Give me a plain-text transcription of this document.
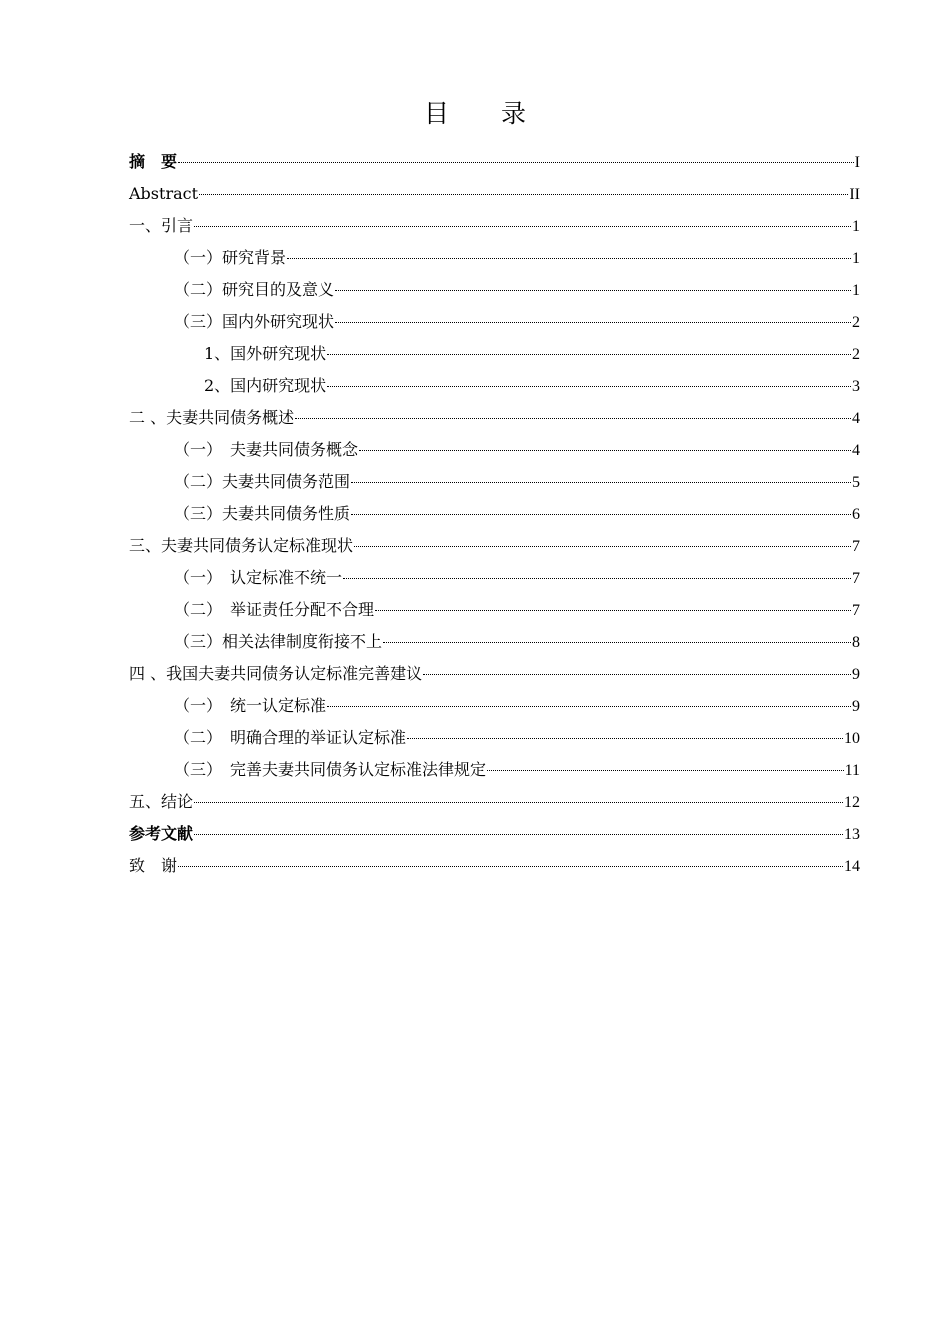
目 录
摘　要	I
Abstract	II
一、引言	1
（一）研究背景	1
（二）研究目的及意义	1
（三）国内外研究现状	2
1、国外研究现状	2
2、国内研究现状	3
二 、夫妻共同债务概述	4
（一）　夫妻共同债务概念	4
（二）夫妻共同债务范围	5
（三）夫妻共同债务性质	6
三、夫妻共同债务认定标准现状	7
（一）　认定标准不统一	7
（二）　举证责任分配不合理	7
（三）相关法律制度衔接不上	8
四 、我国夫妻共同债务认定标准完善建议	9
（一）　统一认定标准	9
（二）　明确合理的举证认定标准	10
（三）　完善夫妻共同债务认定标准法律规定	11
五、结论	12
参考文献	13
致　谢	14
